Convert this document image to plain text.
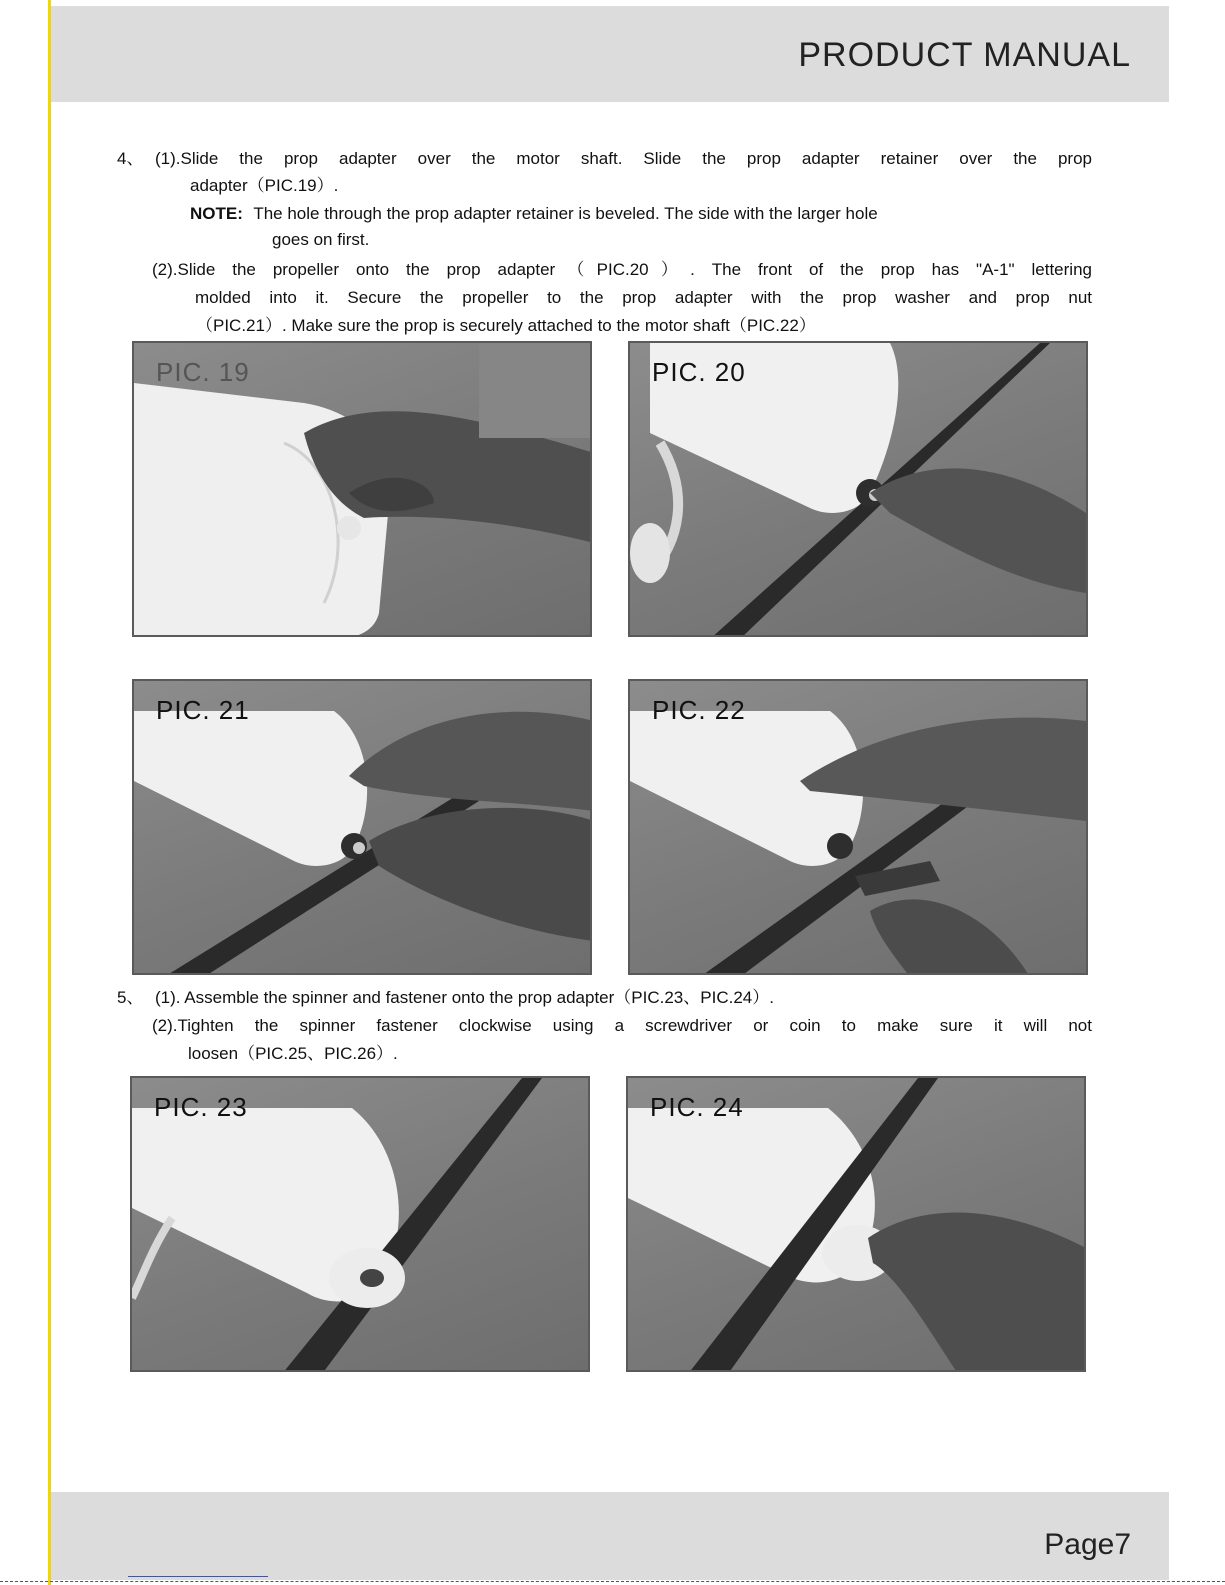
PRODUCT MANUAL
4、 (1).Slide the prop adapter over the motor shaft. Slide the prop adapter retainer over the prop
adapter（PIC.19）.
NOTE: The hole through the prop adapter retainer is beveled. The side with the larger hole
goes on first.
(2).Slide the propeller onto the prop adapter（PIC.20）. The front of the prop has "A-1" lettering
molded into it. Secure the propeller to the prop adapter with the prop washer and prop nut
（PIC.21）. Make sure the prop is securely attached to the motor shaft（PIC.22）
PIC. 19	PIC. 20
PIC. 21	PIC. 22
5、 (1). Assemble the spinner and fastener onto the prop adapter（PIC.23、PIC.24）.
(2).Tighten the spinner fastener clockwise using a screwdriver or coin to make sure it will not
loosen（PIC.25、PIC.26）.
PIC. 23	PIC. 24
Page7
